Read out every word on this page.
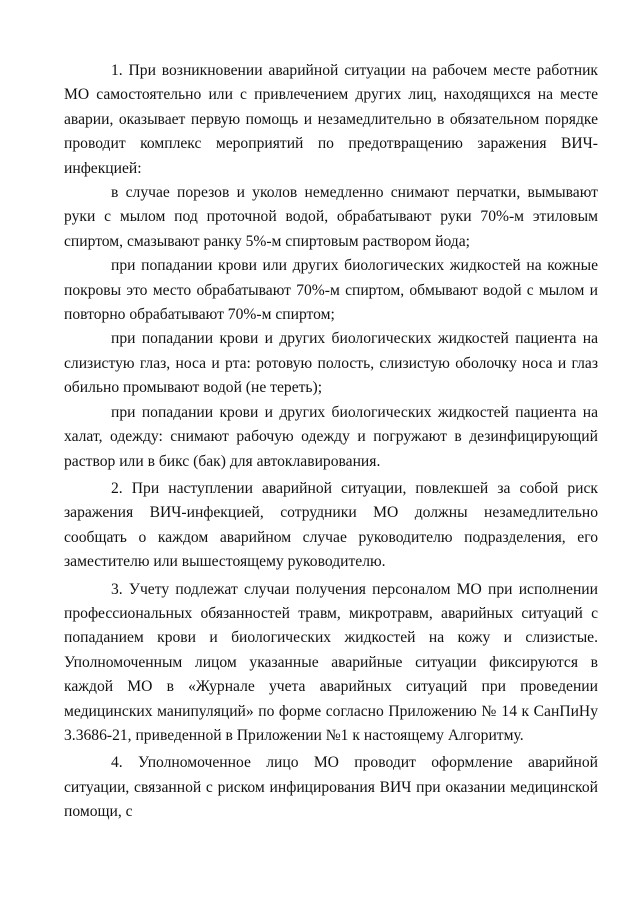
1. При возникновении аварийной ситуации на рабочем месте работник МО самостоятельно или с привлечением других лиц, находящихся на месте аварии, оказывает первую помощь и незамедлительно в обязательном порядке проводит комплекс мероприятий по предотвращению заражения ВИЧ-инфекцией:

в случае порезов и уколов немедленно снимают перчатки, вымывают руки с мылом под проточной водой, обрабатывают руки 70%-м этиловым спиртом, смазывают ранку 5%-м спиртовым раствором йода;

при попадании крови или других биологических жидкостей на кожные покровы это место обрабатывают 70%-м спиртом, обмывают водой с мылом и повторно обрабатывают 70%-м спиртом;

при попадании крови и других биологических жидкостей пациента на слизистую глаз, носа и рта: ротовую полость, слизистую оболочку носа и глаз обильно промывают водой (не тереть);

при попадании крови и других биологических жидкостей пациента на халат, одежду: снимают рабочую одежду и погружают в дезинфицирующий раствор или в бикс (бак) для автоклавирования.

2. При наступлении аварийной ситуации, повлекшей за собой риск заражения ВИЧ-инфекцией, сотрудники МО должны незамедлительно сообщать о каждом аварийном случае руководителю подразделения, его заместителю или вышестоящему руководителю.

3. Учету подлежат случаи получения персоналом МО при исполнении профессиональных обязанностей травм, микротравм, аварийных ситуаций с попаданием крови и биологических жидкостей на кожу и слизистые. Уполномоченным лицом указанные аварийные ситуации фиксируются в каждой МО в «Журнале учета аварийных ситуаций при проведении медицинских манипуляций» по форме согласно Приложению № 14 к СанПиНу 3.3686-21, приведенной в Приложении №1 к настоящему Алгоритму.

4. Уполномоченное лицо МО проводит оформление аварийной ситуации, связанной с риском инфицирования ВИЧ при оказании медицинской помощи, с
